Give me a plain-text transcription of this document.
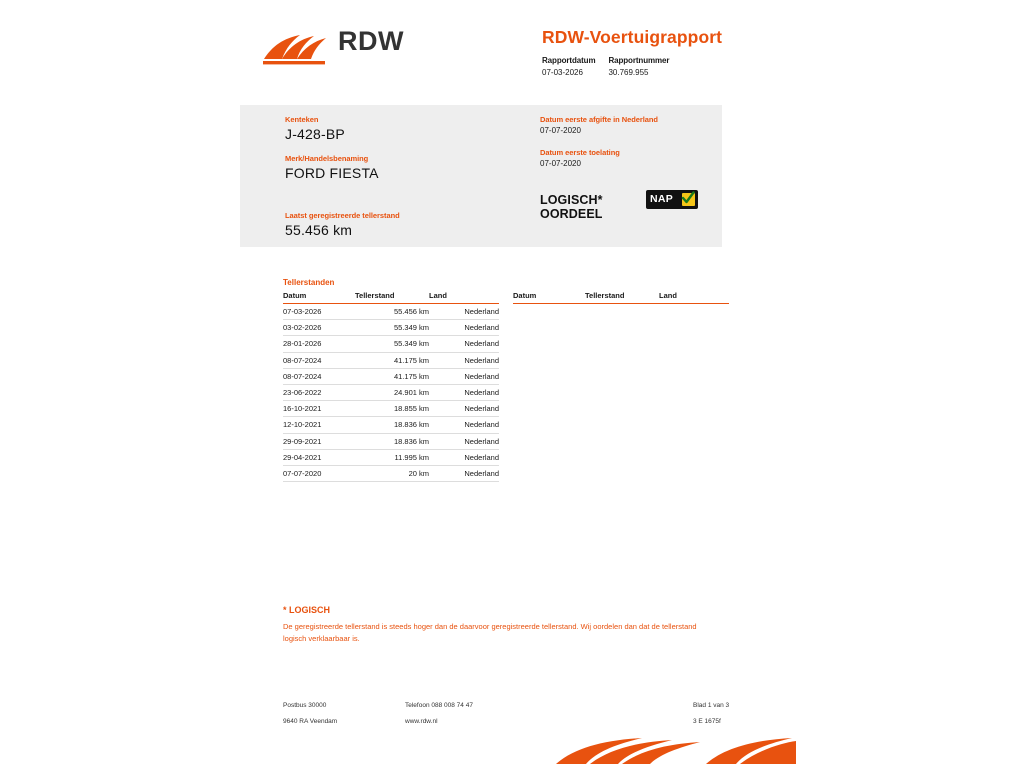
RDW	RDW-Voertuigrapport
Rapportdatum
07-03-2026

Rapportnummer
30.769.955
Kenteken
J-428-BP
Merk/Handelsbenaming
FORD FIESTA
Laatst geregistreerde tellerstand
55.456 km
Datum eerste afgifte in Nederland
07-07-2020
Datum eerste toelating
07-07-2020
LOGISCH*
OORDEEL
NAP
Tellerstanden
Datum	Tellerstand	Land		Datum	Tellerstand	Land
07-03-2026	55.456 km	Nederland				
03-02-2026	55.349 km	Nederland				
28-01-2026	55.349 km	Nederland				
08-07-2024	41.175 km	Nederland				
08-07-2024	41.175 km	Nederland				
23-06-2022	24.901 km	Nederland				
16-10-2021	18.855 km	Nederland				
12-10-2021	18.836 km	Nederland				
29-09-2021	18.836 km	Nederland				
29-04-2021	11.995 km	Nederland				
07-07-2020	20 km	Nederland				
* LOGISCH
De geregistreerde tellerstand is steeds hoger dan de daarvoor geregistreerde tellerstand. Wij oordelen dan dat de tellerstand logisch verklaarbaar is.
Postbus 30000
9640 RA Veendam
Telefoon 088 008 74 47
www.rdw.nl
Blad 1 van 3
3 E 1675f
